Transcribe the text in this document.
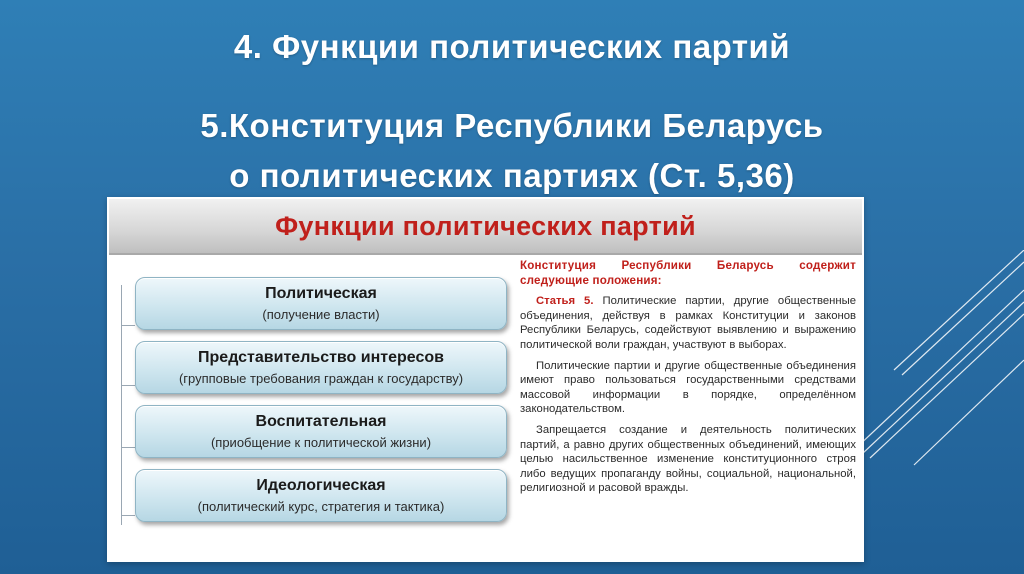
4. Функции политических партий
5.Конституция Республики Беларусь
о политических партиях (Ст. 5,36)
Функции политических партий
Политическая
(получение власти)
Представительство интересов
(групповые требования граждан к государству)
Воспитательная
(приобщение к политической жизни)
Идеологическая
(политический курс, стратегия и тактика)

Конституция Республики Беларусь содержит следующие положения:

Статья 5. Политические партии, другие общественные объединения, действуя в рамках Конституции и законов Республики Беларусь, содействуют выявлению и выражению политической воли граждан, участвуют в выборах.

Политические партии и другие общественные объединения имеют право пользоваться государственными средствами массовой информации в порядке, определённом законодательством.

Запрещается создание и деятельность политических партий, а равно других общественных объединений, имеющих целью насильственное изменение конституционного строя либо ведущих пропаганду войны, социальной, национальной, религиозной и расовой вражды.
